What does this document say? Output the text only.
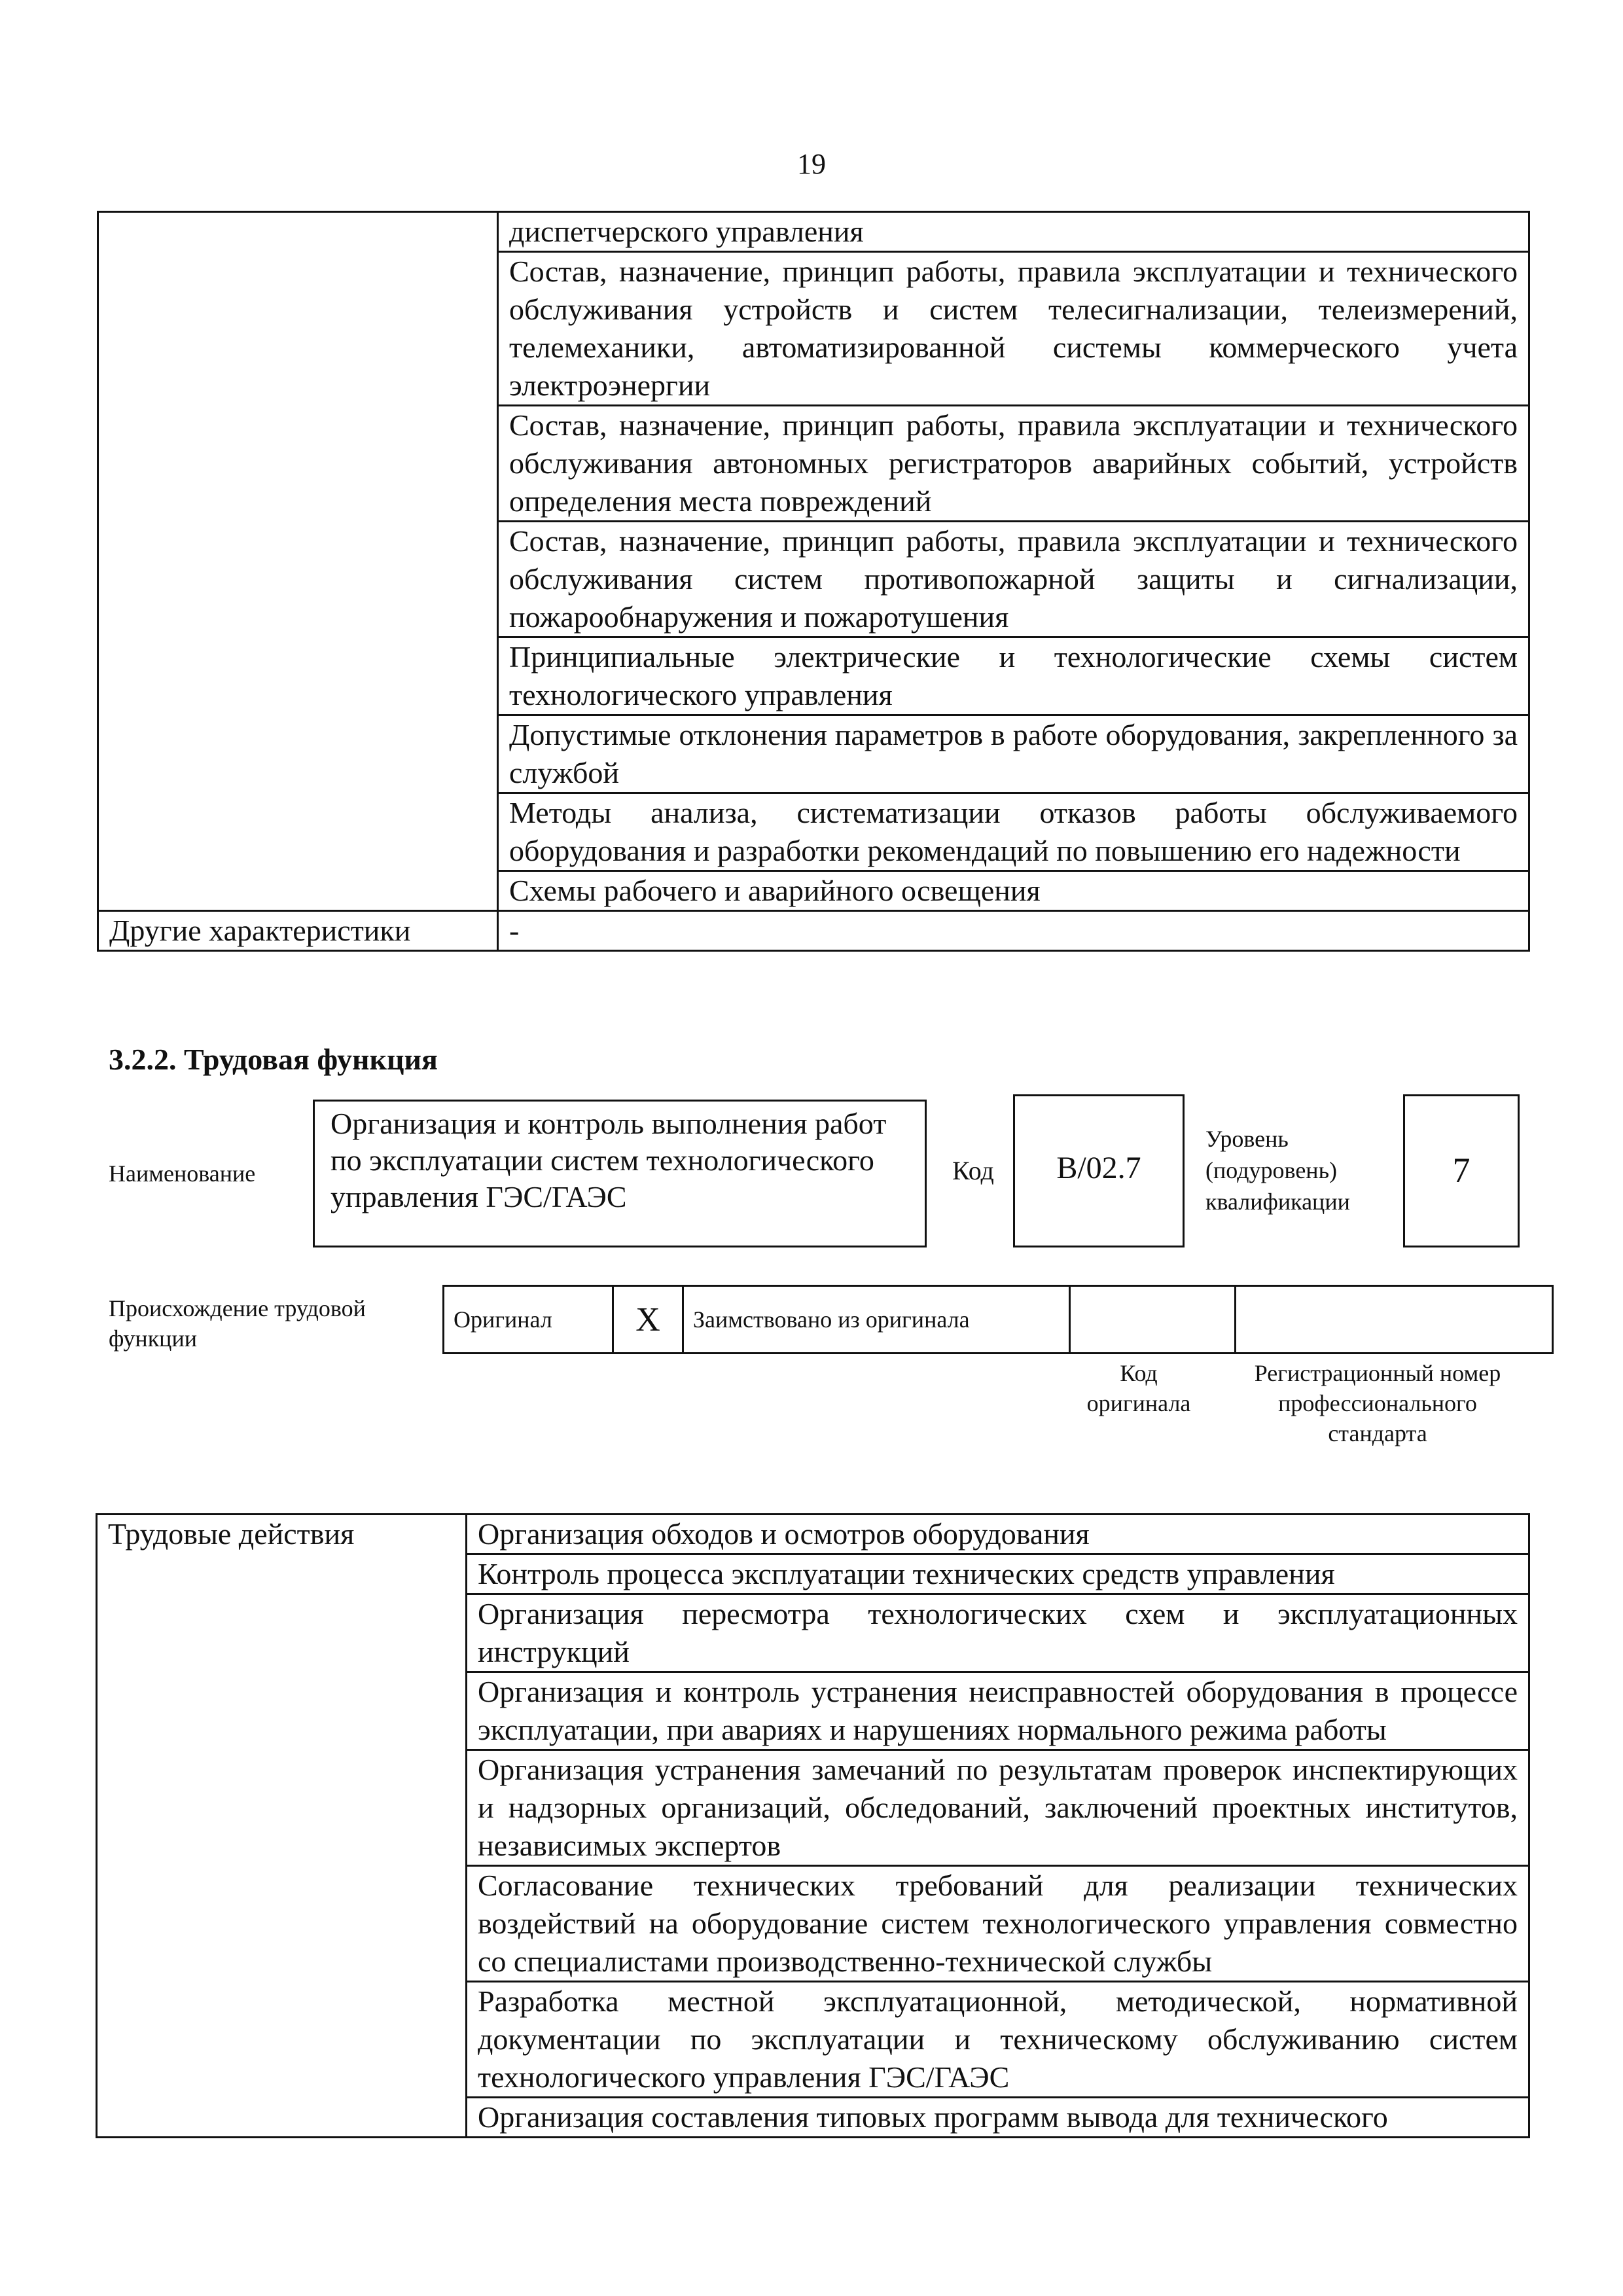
19
	диспетчерского управления
	Состав, назначение, принцип работы, правила эксплуатации и технического обслуживания устройств и систем телесигнализации, телеизмерений, телемеханики, автоматизированной системы коммерческого учета электроэнергии
	Состав, назначение, принцип работы, правила эксплуатации и технического обслуживания автономных регистраторов аварийных событий, устройств определения места повреждений
	Состав, назначение, принцип работы, правила эксплуатации и технического обслуживания систем противопожарной защиты и сигнализации, пожарообнаружения и пожаротушения
	Принципиальные электрические и технологические схемы систем технологического управления
	Допустимые отклонения параметров в работе оборудования, закрепленного за службой
	Методы анализа, систематизации отказов работы обслуживаемого оборудования и разработки рекомендаций по повышению его надежности
	Схемы рабочего и аварийного освещения
Другие характеристики	-
3.2.2. Трудовая функция
Наименование
Организация и контроль выполнения работ по эксплуатации систем технологического управления ГЭС/ГАЭС
Код	B/02.7
Уровень (подуровень) квалификации
7
Происхождение трудовой функции
Оригинал	X	Заимствовано из оригинала		
Код оригинала
Регистрационный номер профессионального стандарта
Трудовые действия	Организация обходов и осмотров оборудования
Контроль процесса эксплуатации технических средств управления
Организация пересмотра технологических схем и эксплуатационных инструкций
Организация и контроль устранения неисправностей оборудования в процессе эксплуатации, при авариях и нарушениях нормального режима работы
Организация устранения замечаний по результатам проверок инспектирующих и надзорных организаций, обследований, заключений проектных институтов, независимых экспертов
Согласование технических требований для реализации технических воздействий на оборудование систем технологического управления совместно со специалистами производственно-технической службы
Разработка местной эксплуатационной, методической, нормативной документации по эксплуатации и техническому обслуживанию систем технологического управления ГЭС/ГАЭС
Организация составления типовых программ вывода для технического
